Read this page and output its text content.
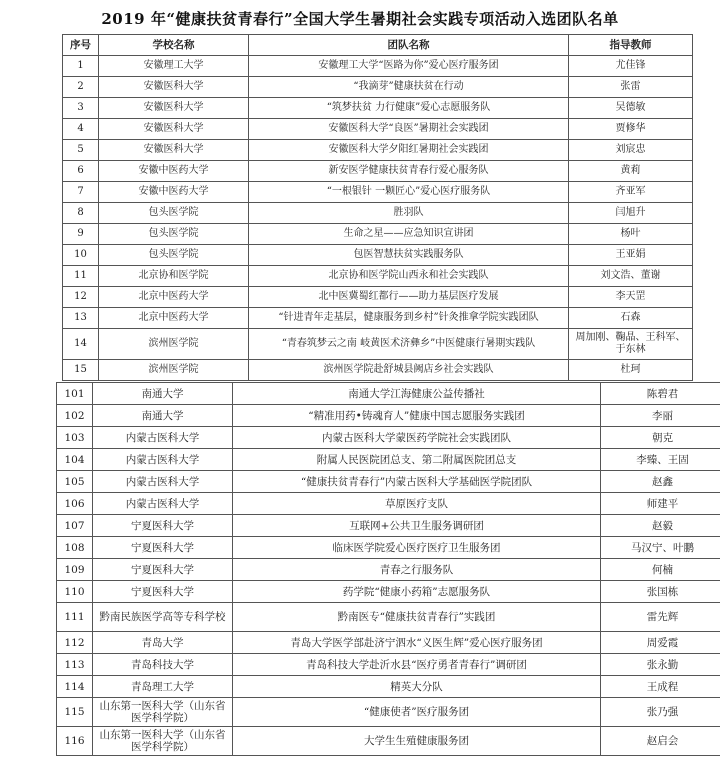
2019 年“健康扶贫青春行”全国大学生暑期社会实践专项活动入选团队名单
序号	学校名称	团队名称	指导教师
1	安徽理工大学	安徽理工大学“医路为你”爱心医疗服务团	尤佳锋
2	安徽医科大学	“我滴芽”健康扶贫在行动	张雷
3	安徽医科大学	“筑梦扶贫 力行健康”爱心志愿服务队	吴德敏
4	安徽医科大学	安徽医科大学“良医”暑期社会实践团	贾修华
5	安徽医科大学	安徽医科大学夕阳红暑期社会实践团	刘宸忠
6	安徽中医药大学	新安医学健康扶贫青春行爱心服务队	黄莉
7	安徽中医药大学	“一根银针 一颗匠心”爱心医疗服务队	齐亚军
8	包头医学院	胜羽队	闫旭升
9	包头医学院	生命之星——应急知识宣讲团	杨叶
10	包头医学院	包医智慧扶贫实践服务队	王亚娟
11	北京协和医学院	北京协和医学院山西永和社会实践队	刘文浩、董谢
12	北京中医药大学	北中医冀蜀红都行——助力基层医疗发展	李天罡
13	北京中医药大学	“针进青年走基层，健康服务到乡村”针灸推拿学院实践团队	石森
14	滨州医学院	“青春筑梦云之南 岐黄医术济彝乡”中医健康行暑期实践队	周加刚、鞠晶、王科军、于东林
15	滨州医学院	滨州医学院赴舒城县阙店乡社会实践队	杜珂
101	南通大学	南通大学江海健康公益传播社	陈碧君
102	南通大学	“精准用药•铸魂育人”健康中国志愿服务实践团	李丽
103	内蒙古医科大学	内蒙古医科大学蒙医药学院社会实践团队	朝克
104	内蒙古医科大学	附属人民医院团总支、第二附属医院团总支	李臻、王固
105	内蒙古医科大学	“健康扶贫青春行”内蒙古医科大学基础医学院团队	赵鑫
106	内蒙古医科大学	草原医疗支队	师建平
107	宁夏医科大学	互联网+公共卫生服务调研团	赵毅
108	宁夏医科大学	临床医学院爱心医疗医疗卫生服务团	马汉宁、叶鹏
109	宁夏医科大学	青春之行服务队	何楠
110	宁夏医科大学	药学院“健康小药箱”志愿服务队	张国栋
111	黔南民族医学高等专科学校	黔南医专“健康扶贫青春行”实践团	雷先辉
112	青岛大学	青岛大学医学部赴济宁泗水“义医生辉”爱心医疗服务团	周爱霞
113	青岛科技大学	青岛科技大学赴沂水县“医疗勇者青春行”调研团	张永勤
114	青岛理工大学	精英大分队	王成程
115	山东第一医科大学（山东省医学科学院）	“健康使者”医疗服务团	张乃强
116	山东第一医科大学（山东省医学科学院）	大学生生殖健康服务团	赵启会
